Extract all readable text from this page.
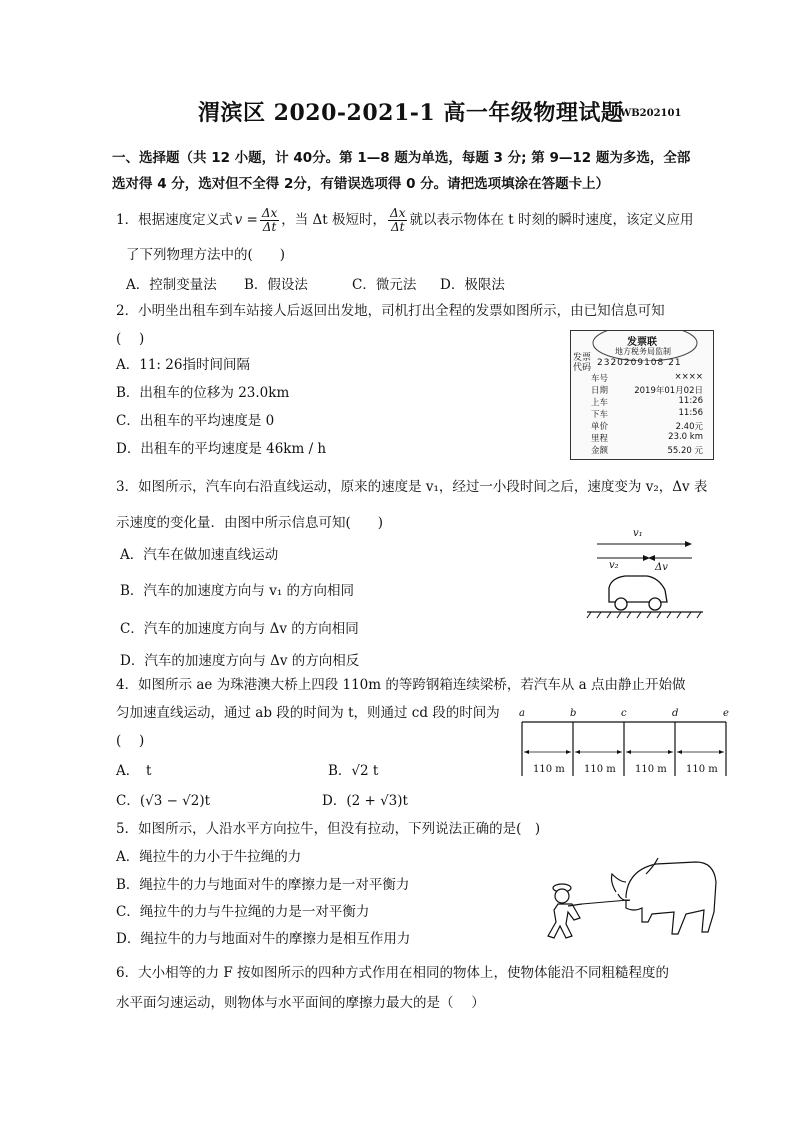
渭滨区 2020-2021-1 高一年级物理试题
WB202101
一、选择题（共 12 小题，计 40分。第 1—8 题为单选，每题 3 分; 第 9—12 题为多选，全部
选对得 4 分，选对但不全得 2分，有错误选项得 0 分。请把选项填涂在答题卡上）
1．根据速度定义式 $v = \frac{\Delta x}{\Delta t}$ ，当 Δt 极短时， $\frac{\Delta x}{\Delta t}$ 就以表示物体在 t 时刻的瞬时速度，该定义应用
了下列物理方法中的(　　)
A．控制变量法 B．假设法	C．微元法 D．极限法
2．小明坐出租车到车站接人后返回出发地，司机打出全程的发票如图所示，由已知信息可知
(　 )
A．11: 26指时间间隔
B．出租车的位移为 23.0km
C．出租车的平均速度是 0
D．出租车的平均速度是 46km / h
发票联
地方税务局监制
发票代码 2320209108 21
车号	××××
日期	2019年01月02日
上车	11:26
下车	11:56
单价	2.40元
里程	23.0 km
金额	55.20 元
3．如图所示，汽车向右沿直线运动，原来的速度是 v₁，经过一小段时间之后，速度变为 v₂，Δv 表
示速度的变化量．由图中所示信息可知(　　)
A．汽车在做加速直线运动
B．汽车的加速度方向与 v₁ 的方向相同
C．汽车的加速度方向与 Δv 的方向相同
D．汽车的加速度方向与 Δv 的方向相反
v₁
v₂	Δv
4．如图所示 ae 为珠港澳大桥上四段 110m 的等跨钢箱连续梁桥，若汽车从 a 点由静止开始做
匀加速直线运动，通过 ab 段的时间为 t，则通过 cd 段的时间为
(　 )
A．　t	B．√2 t
C．(√3 − √2)t	D．(2 + √3)t
a	b	c	d	e
110 m 110 m 110 m 110 m
5．如图所示，人沿水平方向拉牛，但没有拉动，下列说法正确的是(　)
A．绳拉牛的力小于牛拉绳的力
B．绳拉牛的力与地面对牛的摩擦力是一对平衡力
C．绳拉牛的力与牛拉绳的力是一对平衡力
D．绳拉牛的力与地面对牛的摩擦力是相互作用力
6．大小相等的力 F 按如图所示的四种方式作用在相同的物体上，使物体能沿不同粗糙程度的
水平面匀速运动，则物体与水平面间的摩擦力最大的是（　 ）
